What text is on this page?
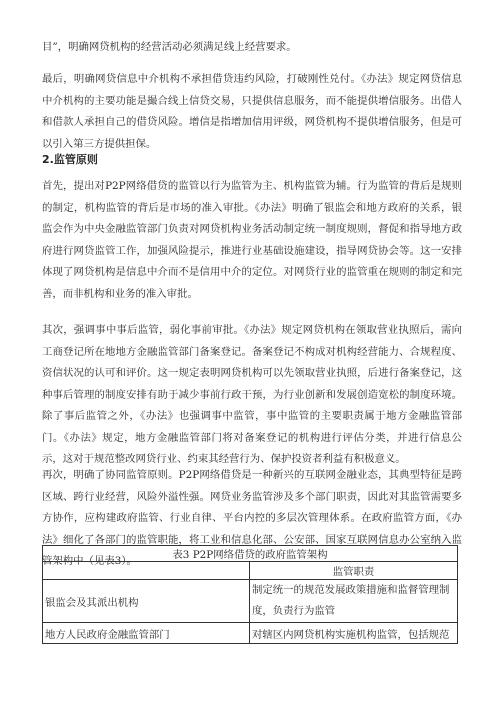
目”，明确网贷机构的经营活动必须满足线上经营要求。

最后，明确网贷信息中介机构不承担借贷违约风险，打破刚性兑付。《办法》规定网贷信息中介机构的主要功能是撮合线上信贷交易，只提供信息服务，而不能提供增信服务。出借人和借款人承担自己的借贷风险。增信是指增加信用评级，网贷机构不提供增信服务，但是可以引入第三方提供担保。

2.监管原则

首先，提出对P2P网络借贷的监管以行为监管为主、机构监管为辅。行为监管的背后是规则的制定，机构监管的背后是市场的准入审批。《办法》明确了银监会和地方政府的关系，银监会作为中央金融监管部门负责对网贷机构业务活动制定统一制度规则，督促和指导地方政府进行网贷监管工作，加强风险提示，推进行业基础设施建设，指导网贷协会等。这一安排体现了网贷机构是信息中介而不是信用中介的定位。对网贷行业的监管重在规则的制定和完善，而非机构和业务的准入审批。

其次，强调事中事后监管，弱化事前审批。《办法》规定网贷机构在领取营业执照后，需向工商登记所在地地方金融监管部门备案登记。备案登记不构成对机构经营能力、合规程度、资信状况的认可和评价。这一规定表明网贷机构可以先领取营业执照，后进行备案登记，这种事后管理的制度安排有助于减少事前行政干预，为行业创新和发展创造宽松的制度环境。除了事后监管之外，《办法》也强调事中监管，事中监管的主要职责属于地方金融监管部门。《办法》规定，地方金融监管部门将对备案登记的机构进行评估分类，并进行信息公示，这对于规范整改网贷行业、约束其经营行为、保护投资者利益有积极意义。

再次，明确了协同监管原则。P2P网络借贷是一种新兴的互联网金融业态，其典型特征是跨区域、跨行业经营，风险外溢性强。网贷业务监管涉及多个部门职责，因此对其监管需要多方协作，应构建政府监管、行业自律、平台内控的多层次管理体系。在政府监管方面，《办法》细化了各部门的监管职能，将工业和信息化部、公安部、国家互联网信息办公室纳入监管架构中（见表3）。	表3 P2P网络借贷的政府监管架构	
	监管职责
银监会及其派出机构	制定统一的规范发展政策措施和监督管理制度，负责行为监管
地方人民政府金融监管部门	对辖区内网贷机构实施机构监管，包括规范
